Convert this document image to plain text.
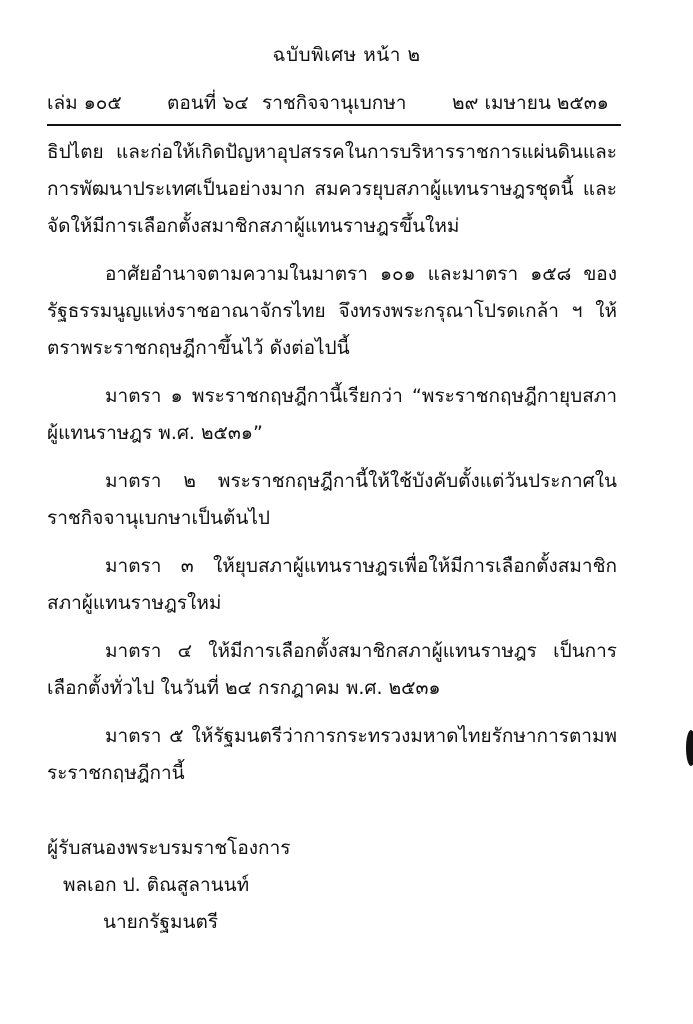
ฉบับพิเศษ หน้า ๒
เล่ม ๑๐๕ ตอนที่ ๖๔ ราชกิจจานุเบกษา ๒๙ เมษายน ๒๕๓๑

ธิปไตย และก่อให้เกิดปัญหาอุปสรรคในการบริหารราชการแผ่นดินและการพัฒนาประเทศเป็นอย่างมาก สมควรยุบสภาผู้แทนราษฎรชุดนี้ และจัดให้มีการเลือกตั้งสมาชิกสภาผู้แทนราษฎรขึ้นใหม่

อาศัยอำนาจตามความในมาตรา ๑๐๑ และมาตรา ๑๕๘ ของรัฐธรรมนูญแห่งราชอาณาจักรไทย จึงทรงพระกรุณาโปรดเกล้า ฯ ให้ตราพระราชกฤษฎีกาขึ้นไว้ ดังต่อไปนี้

มาตรา ๑ พระราชกฤษฎีกานี้เรียกว่า “พระราชกฤษฎีกายุบสภาผู้แทนราษฎร พ.ศ. ๒๕๓๑”

มาตรา ๒ พระราชกฤษฎีกานี้ให้ใช้บังคับตั้งแต่วันประกาศในราชกิจจานุเบกษาเป็นต้นไป

มาตรา ๓ ให้ยุบสภาผู้แทนราษฎรเพื่อให้มีการเลือกตั้งสมาชิกสภาผู้แทนราษฎรใหม่

มาตรา ๔ ให้มีการเลือกตั้งสมาชิกสภาผู้แทนราษฎร เป็นการเลือกตั้งทั่วไป ในวันที่ ๒๔ กรกฎาคม พ.ศ. ๒๕๓๑

มาตรา ๕ ให้รัฐมนตรีว่าการกระทรวงมหาดไทยรักษาการตามพระราชกฤษฎีกานี้

ผู้รับสนองพระบรมราชโองการ

พลเอก ป. ติณสูลานนท์

นายกรัฐมนตรี
